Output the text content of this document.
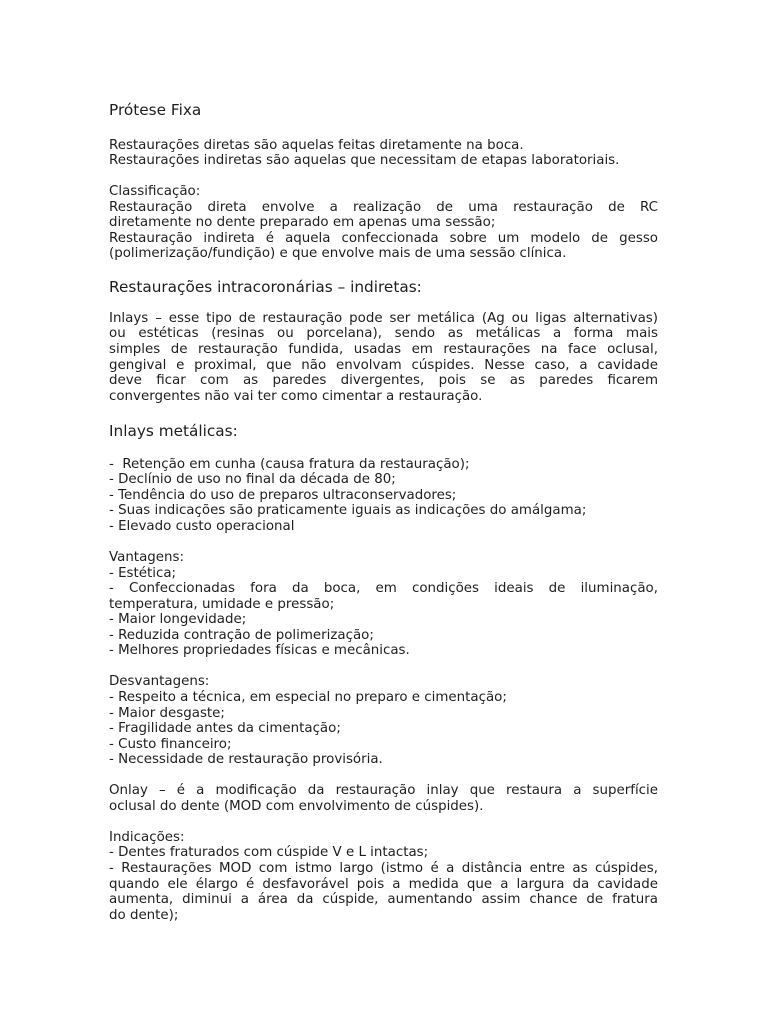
Prótese Fixa
Restaurações diretas são aquelas feitas diretamente na boca.
Restaurações indiretas são aquelas que necessitam de etapas laboratoriais.
Classificação:
Restauração direta envolve a realização de uma restauração de RC
diretamente no dente preparado em apenas uma sessão;
Restauração indireta é aquela confeccionada sobre um modelo de gesso
(polimerização/fundição) e que envolve mais de uma sessão clínica.
Restaurações intracoronárias – indiretas:
Inlays – esse tipo de restauração pode ser metálica (Ag ou ligas alternativas)
ou estéticas (resinas ou porcelana), sendo as metálicas a forma mais
simples de restauração fundida, usadas em restaurações na face oclusal,
gengival e proximal, que não envolvam cúspides. Nesse caso, a cavidade
deve ficar com as paredes divergentes, pois se as paredes ficarem
convergentes não vai ter como cimentar a restauração.
Inlays metálicas:
-  Retenção em cunha (causa fratura da restauração);
- Declínio de uso no final da década de 80;
- Tendência do uso de preparos ultraconservadores;
- Suas indicações são praticamente iguais as indicações do amálgama;
- Elevado custo operacional
Vantagens:
- Estética;
- Confeccionadas fora da boca, em condições ideais de iluminação,
temperatura, umidade e pressão;
- Maior longevidade;
- Reduzida contração de polimerização;
- Melhores propriedades físicas e mecânicas.
Desvantagens:
- Respeito a técnica, em especial no preparo e cimentação;
- Maior desgaste;
- Fragilidade antes da cimentação;
- Custo financeiro;
- Necessidade de restauração provisória.
Onlay – é a modificação da restauração inlay que restaura a superfície
oclusal do dente (MOD com envolvimento de cúspides).
Indicações:
- Dentes fraturados com cúspide V e L intactas;
- Restaurações MOD com istmo largo (istmo é a distância entre as cúspides,
quando ele élargo é desfavorável pois a medida que a largura da cavidade
aumenta, diminui a área da cúspide, aumentando assim chance de fratura
do dente);
